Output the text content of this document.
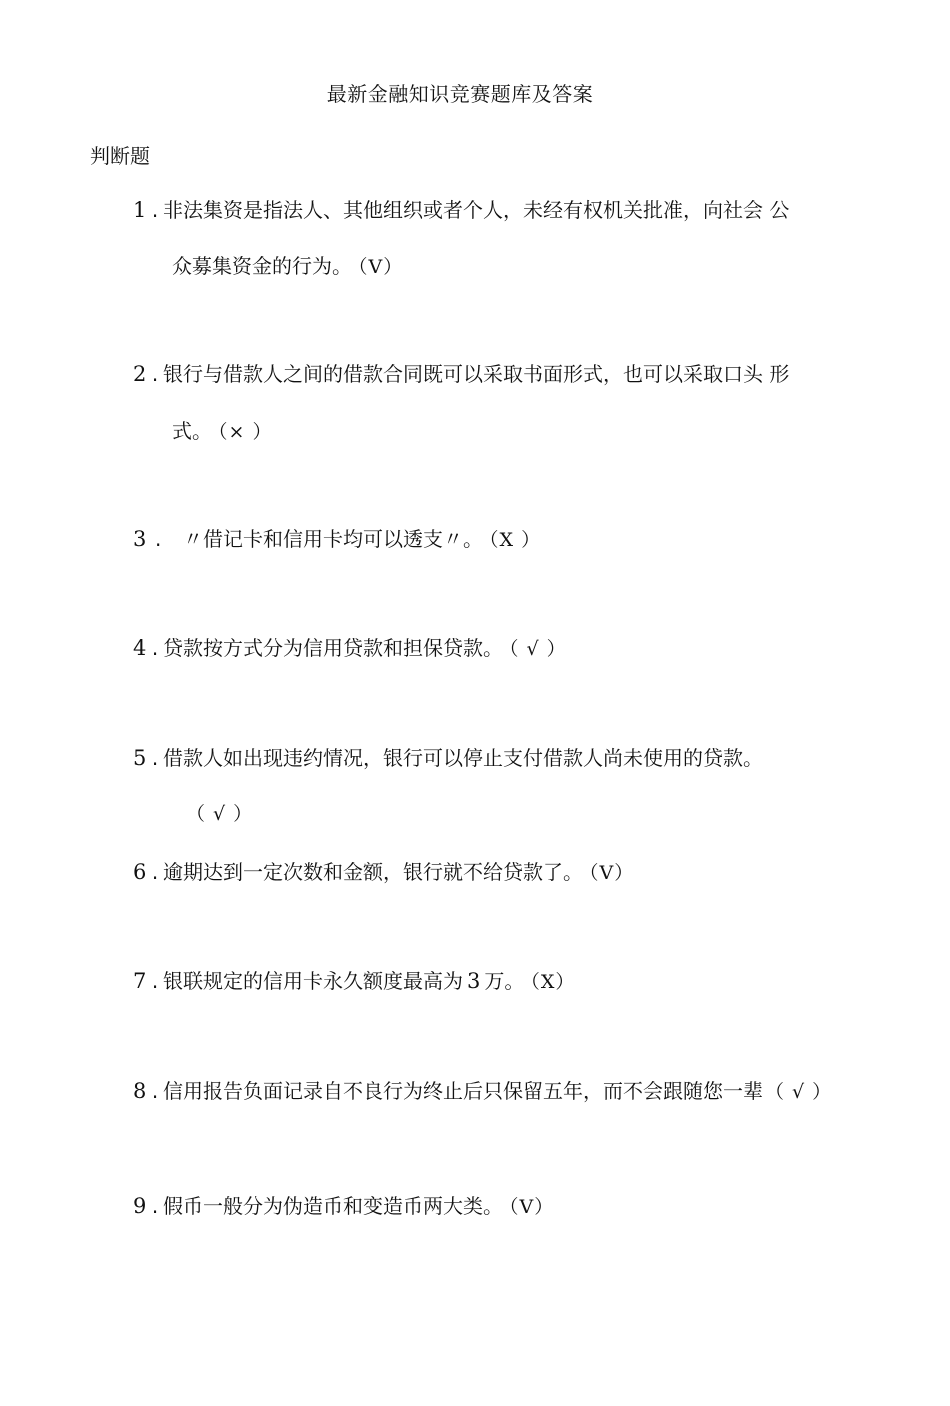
最新金融知识竞赛题库及答案
判断题
1 . 非法集资是指法人、其他组织或者个人，未经有权机关批准，向社会 公
众募集资金的行为。 （V）
2 . 银行与借款人之间的借款合同既可以采取书面形式，也可以采取口头 形
式。 （× ）
3 . 〃借记卡和信用卡均可以透支〃。 （X ）
4 . 贷款按方式分为信用贷款和担保贷款。 （ √ ）
5 . 借款人如出现违约情况，银行可以停止支付借款人尚未使用的贷款。
（ √ ）
6 . 逾期达到一定次数和金额，银行就不给贷款了。 （V）
7 . 银联规定的信用卡永久额度最高为 3 万。 （X）
8 . 信用报告负面记录自不良行为终止后只保留五年，而不会跟随您一辈 （ √ ）
9 . 假币一般分为伪造币和变造币两大类。 （V）
